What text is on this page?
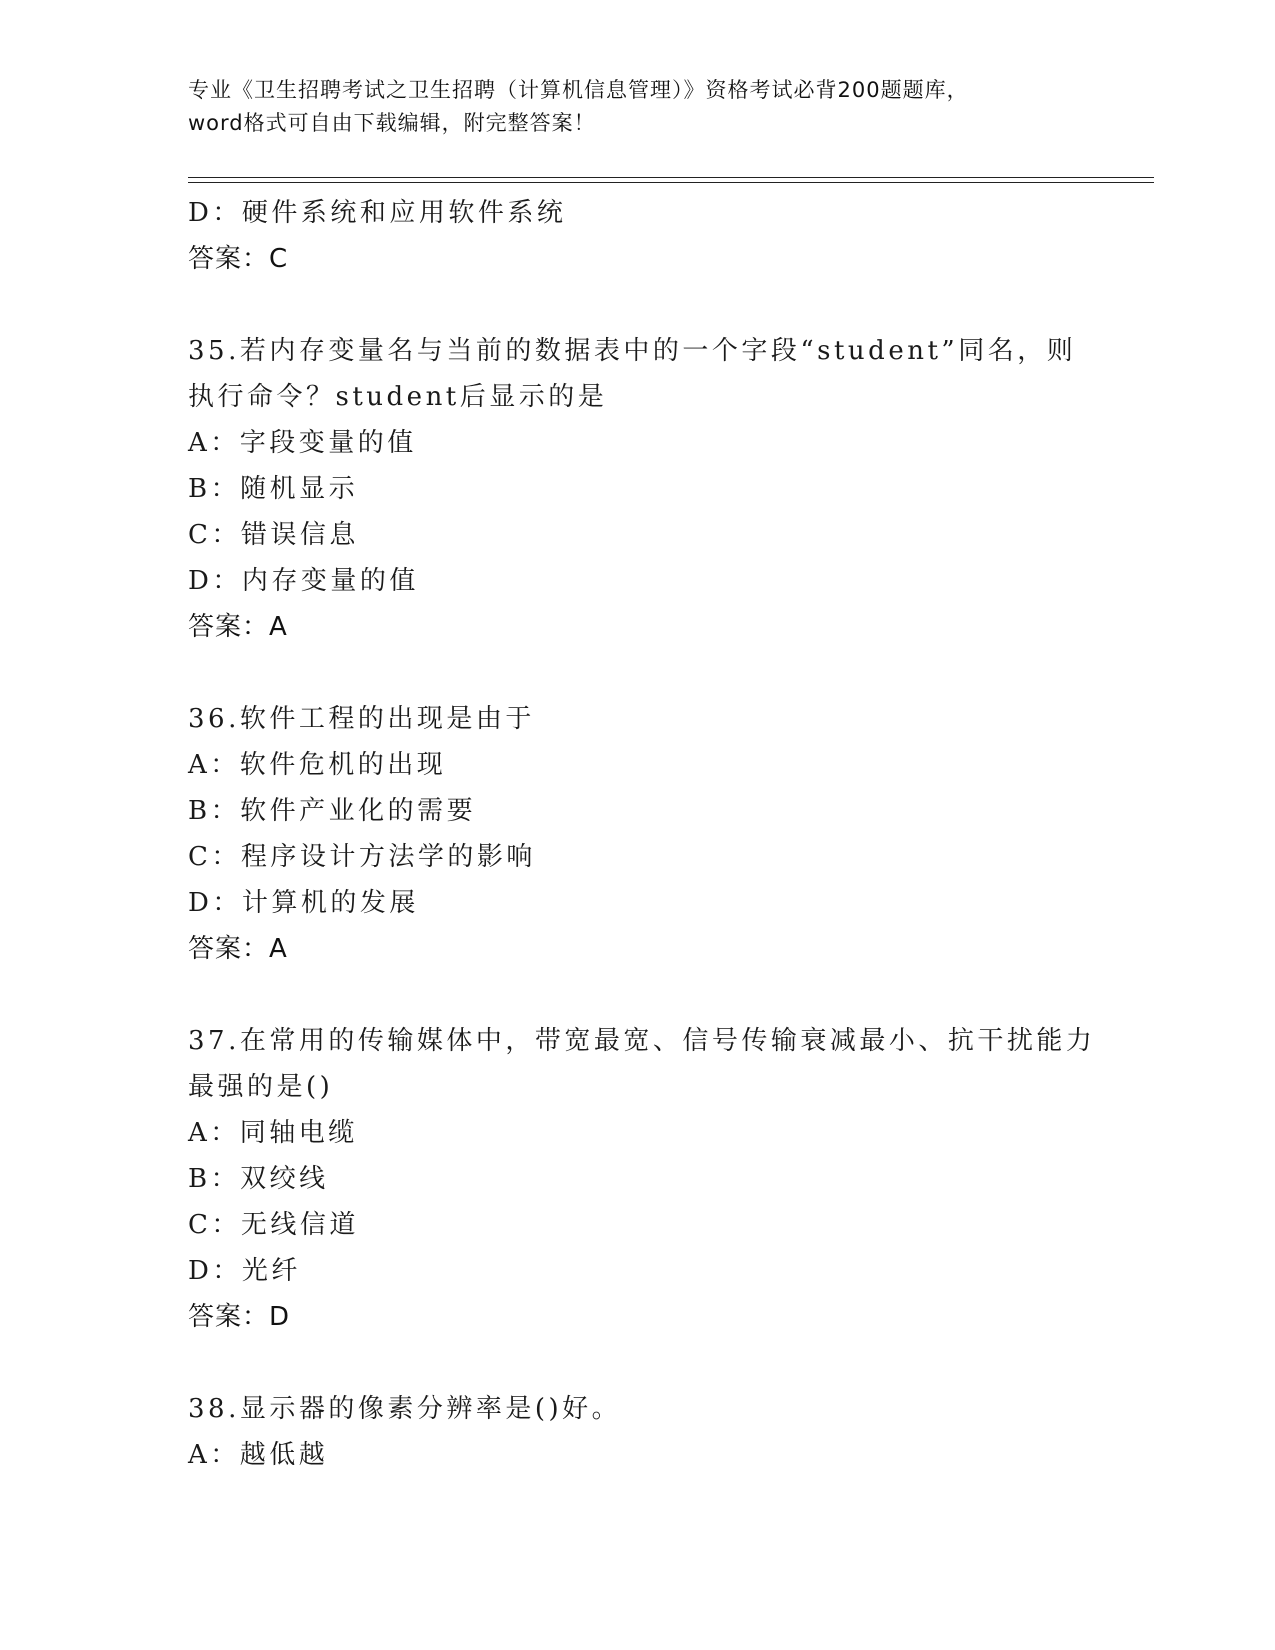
专业《卫生招聘考试之卫生招聘（计算机信息管理）》资格考试必背200题题库，
word格式可自由下载编辑，附完整答案！
D：硬件系统和应用软件系统
答案：C
35.若内存变量名与当前的数据表中的一个字段“student”同名，则
执行命令？student后显示的是
A：字段变量的值
B：随机显示
C：错误信息
D：内存变量的值
答案：A
36.软件工程的出现是由于
A：软件危机的出现
B：软件产业化的需要
C：程序设计方法学的影响
D：计算机的发展
答案：A
37.在常用的传输媒体中，带宽最宽、信号传输衰减最小、抗干扰能力
最强的是()
A：同轴电缆
B：双绞线
C：无线信道
D：光纤
答案：D
38.显示器的像素分辨率是()好。
A：越低越
